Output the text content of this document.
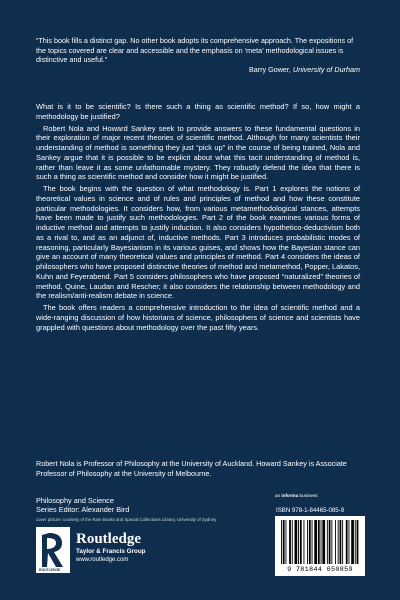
“This book fills a distinct gap. No other book adopts its comprehensive approach. The expositions of the topics covered are clear and accessible and the emphasis on ‘meta’ methodological issues is distinctive and useful.”

Barry Gower, University of Durham

What is it to be scientific? Is there such a thing as scientific method? If so, how might a methodology be justified?

Robert Nola and Howard Sankey seek to provide answers to these fundamental questions in their exploration of major recent theories of scientific method. Although for many scientists their understanding of method is something they just “pick up” in the course of being trained, Nola and Sankey argue that it is possible to be explicit about what this tacit understanding of method is, rather than leave it as some unfathomable mystery. They robustly defend the idea that there is such a thing as scientific method and consider how it might be justified.

The book begins with the question of what methodology is. Part 1 explores the notions of theoretical values in science and of rules and principles of method and how these constitute particular methodologies. It considers how, from various metamethodological stances, attempts have been made to justify such methodologies. Part 2 of the book examines various forms of inductive method and attempts to justify induction. It also considers hypothetico-deductivism both as a rival to, and as an adjunct of, inductive methods. Part 3 introduces probabilistic modes of reasoning, particularly Bayesianism in its various guises, and shows how the Bayesian stance can give an account of many theoretical values and principles of method. Part 4 considers the ideas of philosophers who have proposed distinctive theories of method and metamethod, Popper, Lakatos, Kuhn and Feyerabend. Part 5 considers philosophers who have proposed “naturalized” theories of method, Quine, Laudan and Rescher; it also considers the relationship between methodology and the realism/anti-realism debate in science.

The book offers readers a comprehensive introduction to the idea of scientific method and a wide-ranging discussion of how historians of science, philosophers of science and scientists have grappled with questions about methodology over the past fifty years.

Robert Nola is Professor of Philosophy at the University of Auckland. Howard Sankey is Associate Professor of Philosophy at the University of Melbourne.
Philosophy and Science
Series Editor: Alexander Bird
cover picture: courtesy of the Rare Books and Special Collections Library, University of Sydney
ROUTLEDGE
Routledge
Taylor & Francis Group
www.routledge.com
an informa business
ISBN 978-1-84465-085-9
9 781844 650859
